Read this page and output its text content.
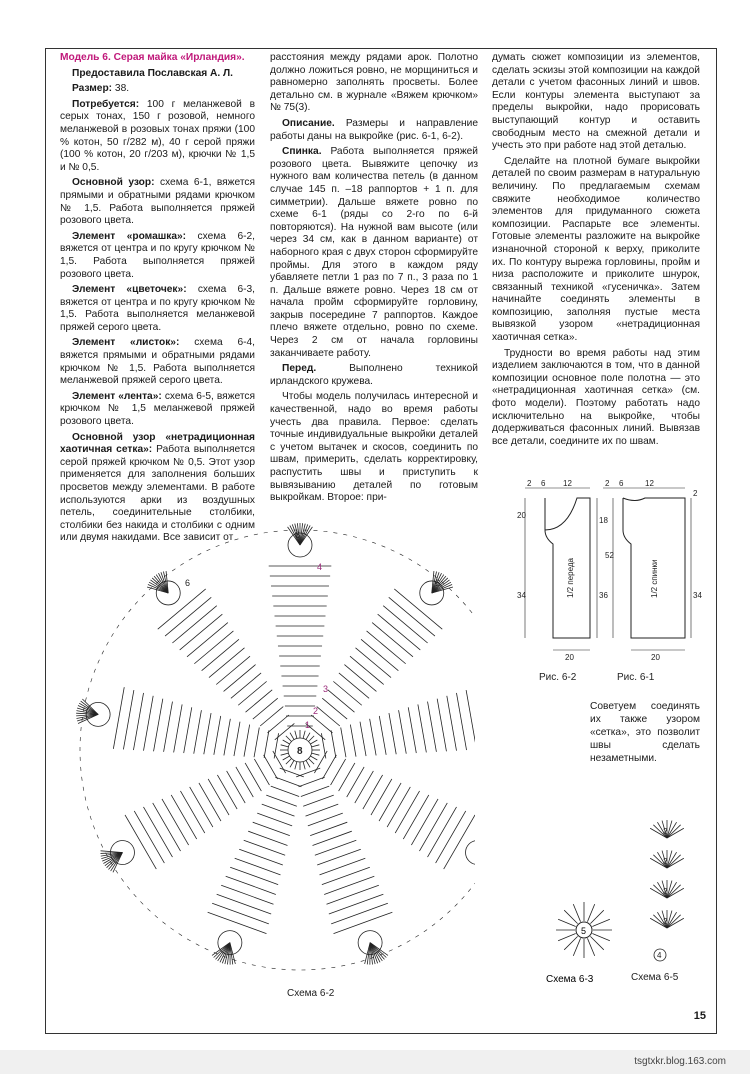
Модель 6. Серая майка «Ирландия».

Предоставила Пославская А. Л.

Размер: 38.

Потребуется: 100 г меланжевой в серых тонах, 150 г розовой, немного меланжевой в розовых тонах пряжи (100 % котон, 50 г/282 м), 40 г серой пряжи (100 % котон, 20 г/203 м), крючки № 1,5 и № 0,5.

Основной узор: схема 6-1, вяжется прямыми и обратными рядами крючком № 1,5. Работа выполняется пряжей розового цвета.

Элемент «ромашка»: схема 6-2, вяжется от центра и по кругу крючком № 1,5. Работа выполняется пряжей розового цвета.

Элемент «цветочек»: схема 6-3, вяжется от центра и по кругу крючком № 1,5. Работа выполняется меланжевой пряжей серого цвета.

Элемент «листок»: схема 6-4, вяжется прямыми и обратными рядами крючком № 1,5. Работа выполняется меланжевой пряжей серого цвета.

Элемент «лента»: схема 6-5, вяжется крючком № 1,5 меланжевой пряжей розового цвета.

Основной узор «нетрадиционная хаотичная сетка»: Работа выполняется серой пряжей крючком № 0,5. Этот узор применяется для заполнения больших просветов между элементами. В работе используются арки из воздушных петель, соединительные столбики, столбики без накида и столбики с одним или двумя накидами. Все зависит от

расстояния между рядами арок. Полотно должно ложиться ровно, не морщиниться и равномерно заполнять просветы. Более детально см. в журнале «Вяжем крючком» № 75(3).

Описание. Размеры и направление работы даны на выкройке (рис. 6-1, 6-2).

Спинка. Работа выполняется пряжей розового цвета. Вывяжите цепочку из нужного вам количества петель (в данном случае 145 п. –18 раппортов + 1 п. для симметрии). Дальше вяжете ровно по схеме 6-1 (ряды со 2-го по 6-й повторяются). На нужной вам высоте (или через 34 см, как в данном варианте) от наборного края с двух сторон сформируйте проймы. Для этого в каждом ряду убавляете петли 1 раз по 7 п., 3 раза по 1 п. Дальше вяжете ровно. Через 18 см от начала пройм сформируйте горловину, закрыв посередине 7 раппортов. Каждое плечо вяжете отдельно, ровно по схеме. Через 2 см от начала горловины заканчиваете работу.

Перед. Выполнено техникой ирландского кружева.

Чтобы модель получилась интересной и качественной, надо во время работы учесть два правила. Первое: сделать точные индивидуальные выкройки деталей с учетом вытачек и скосов, соединить по швам, примерить, сделать корректировку, распустить швы и приступить к вывязыванию деталей по готовым выкройкам. Второе: при-

думать сюжет композиции из элементов, сделать эскизы этой композиции на каждой детали с учетом фасонных линий и швов. Если контуры элемента выступают за пределы выкройки, надо прорисовать выступающий контур и оставить свободным место на смежной детали и учесть это при работе над этой деталью.

Сделайте на плотной бумаге выкройки деталей по своим размерам в натуральную величину. По предлагаемым схемам свяжите необходимое количество элементов для придуманного сюжета композиции. Распарьте все элементы. Готовые элементы разложите на выкройке изнаночной стороной к верху, приколите их. По контуру вырежа горловины, пройм и низа расположите и приколите шнурок, связанный техникой «гусеничка». Затем начинайте соединять элементы в композицию, заполняя пустые места вывязкой узором «нетрадиционная хаотичная сетка».

Трудности во время работы над этим изделием заключаются в том, что в данной композиции основное поле полотна — это «нетрадиционная хаотичная сетка» (см. фото модели). Поэтому работать надо исключительно на выкройке, чтобы додерживаться фасонных линий. Вывязав все детали, соедините их по швам.

2 6 12
20
18
34	36
20
1/2 переда
Рис. 6-2
2 6	12
2
52
34
20
1/2 спинки
Рис. 6-1
Советуем соединять их также узором «сетка», это позволит швы сделать незаметными.
6
6	6
4
3
2
1
8
Схема 6-2
5
Схема 6-3
2
2
2
2
4
Схема 6-5
15
tsgtxkr.blog.163.com
